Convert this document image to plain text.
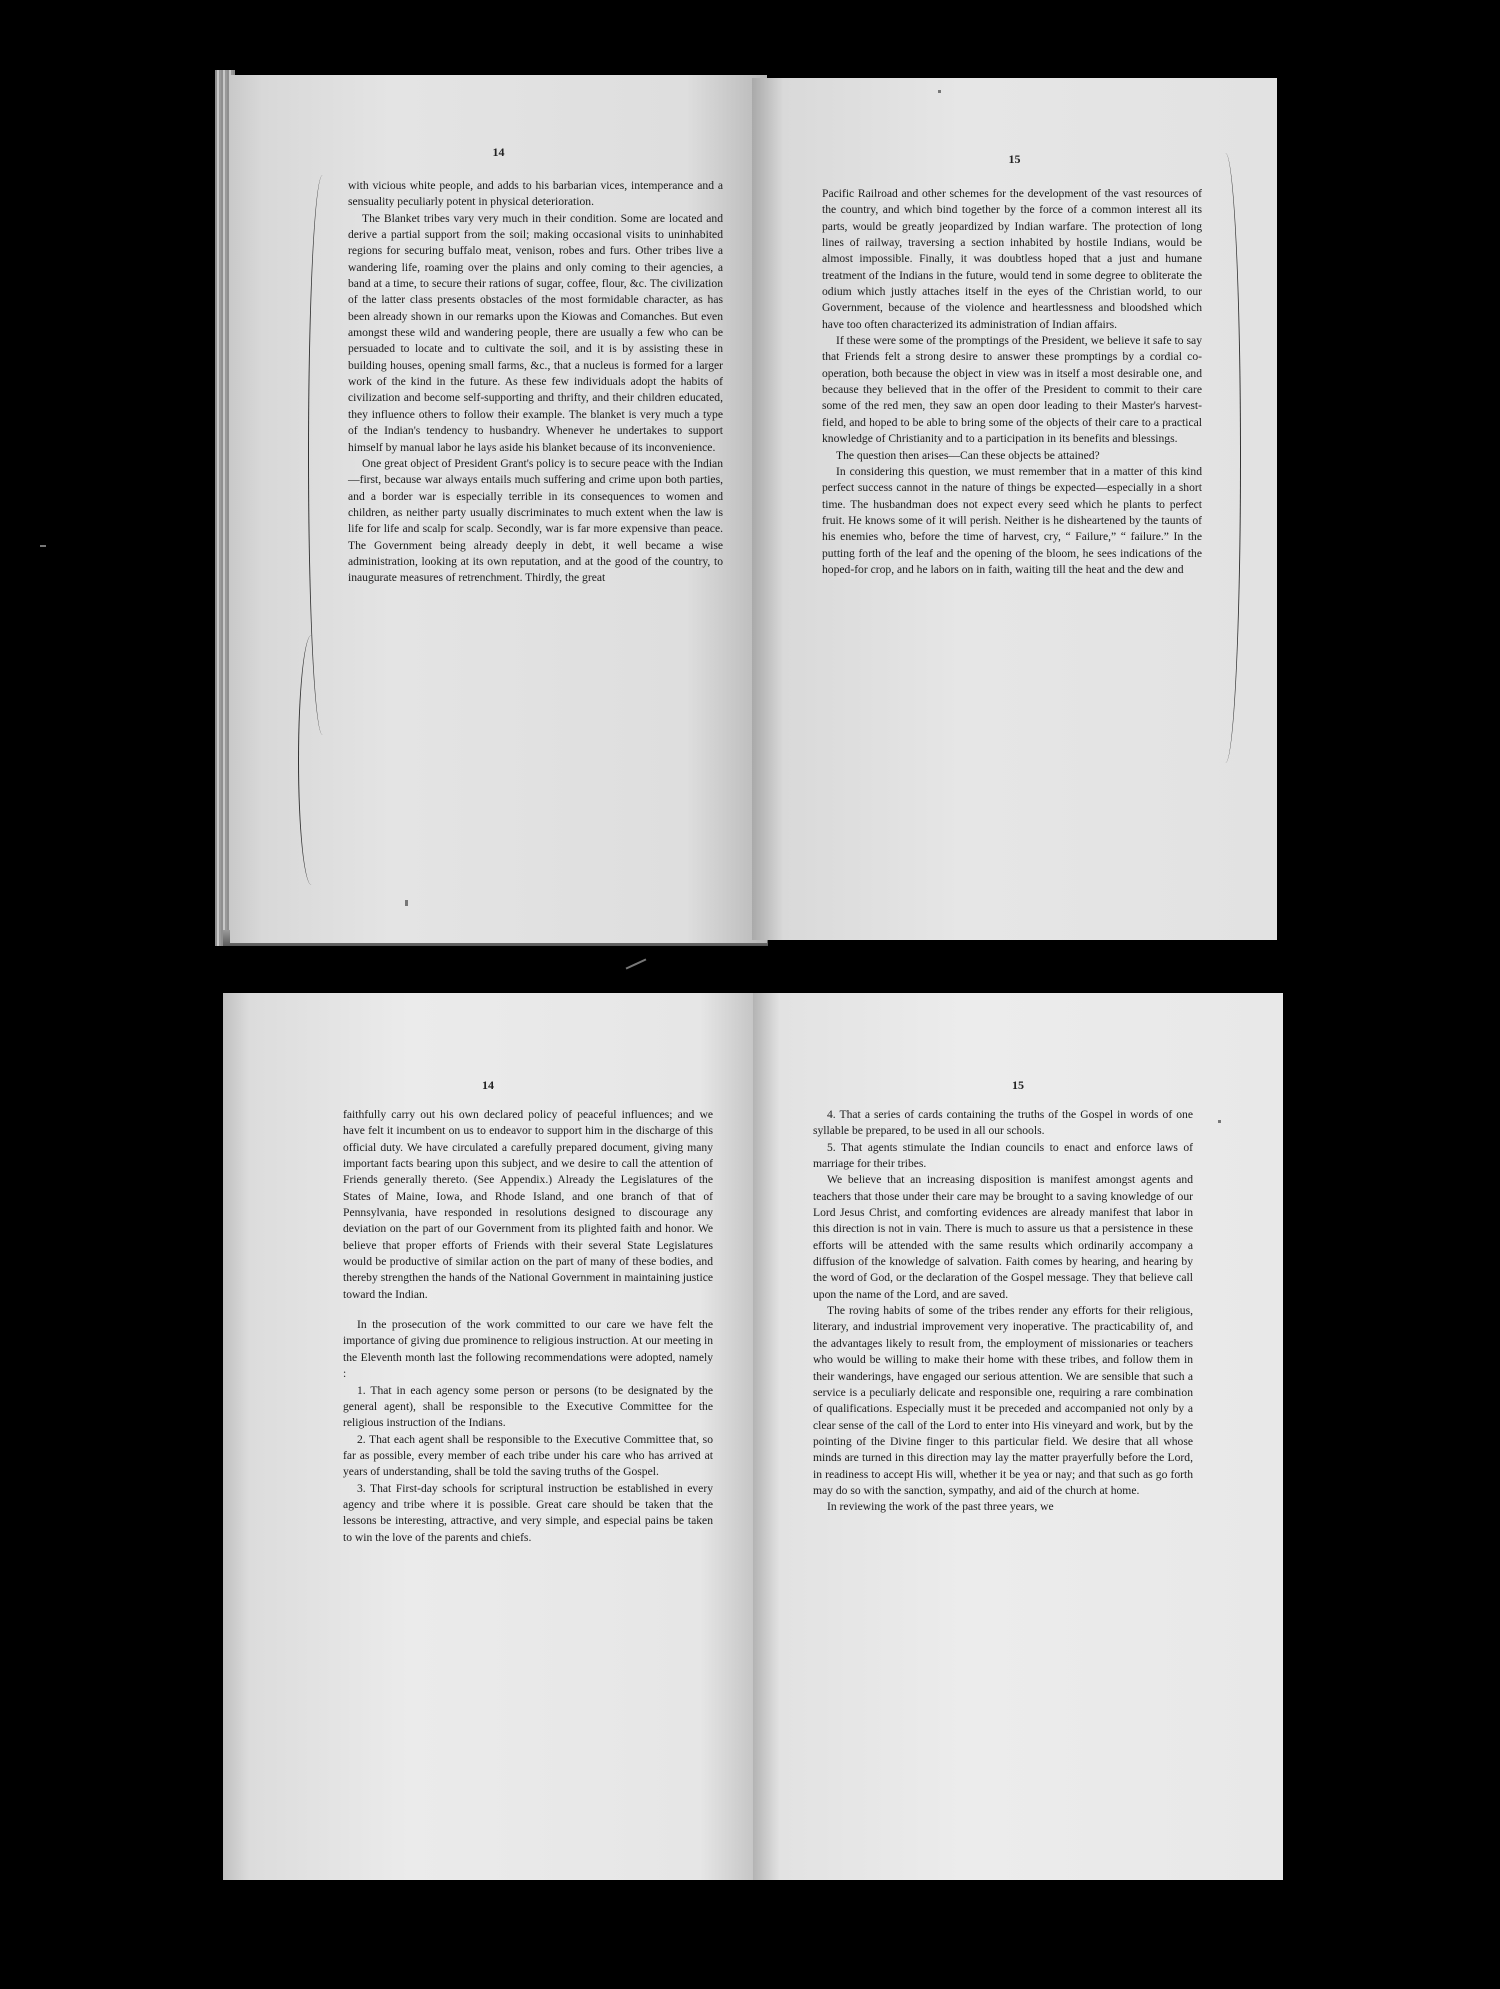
14

with vicious white people, and adds to his barbarian vices, intemperance and a sensuality peculiarly potent in physical deterioration.

The Blanket tribes vary very much in their condition. Some are located and derive a partial support from the soil; making occasional visits to uninhabited regions for securing buffalo meat, venison, robes and furs. Other tribes live a wandering life, roaming over the plains and only coming to their agencies, a band at a time, to secure their rations of sugar, coffee, flour, &c. The civilization of the latter class presents obstacles of the most formidable character, as has been already shown in our remarks upon the Kiowas and Comanches. But even amongst these wild and wandering people, there are usually a few who can be persuaded to locate and to cultivate the soil, and it is by assisting these in building houses, opening small farms, &c., that a nucleus is formed for a larger work of the kind in the future. As these few individuals adopt the habits of civilization and become self-supporting and thrifty, and their children educated, they influence others to follow their example. The blanket is very much a type of the Indian's tendency to husbandry. Whenever he undertakes to support himself by manual labor he lays aside his blanket because of its inconvenience.

One great object of President Grant's policy is to secure peace with the Indian—first, because war always entails much suffering and crime upon both parties, and a border war is especially terrible in its consequences to women and children, as neither party usually discriminates to much extent when the law is life for life and scalp for scalp. Secondly, war is far more expensive than peace. The Government being already deeply in debt, it well became a wise administration, looking at its own reputation, and at the good of the country, to inaugurate measures of retrenchment. Thirdly, the great

15

Pacific Railroad and other schemes for the development of the vast resources of the country, and which bind together by the force of a common interest all its parts, would be greatly jeopardized by Indian warfare. The protection of long lines of railway, traversing a section inhabited by hostile Indians, would be almost impossible. Finally, it was doubtless hoped that a just and humane treatment of the Indians in the future, would tend in some degree to obliterate the odium which justly attaches itself in the eyes of the Christian world, to our Government, because of the violence and heartlessness and bloodshed which have too often characterized its administration of Indian affairs.

If these were some of the promptings of the President, we believe it safe to say that Friends felt a strong desire to answer these promptings by a cordial co-operation, both because the object in view was in itself a most desirable one, and because they believed that in the offer of the President to commit to their care some of the red men, they saw an open door leading to their Master's harvest-field, and hoped to be able to bring some of the objects of their care to a practical knowledge of Christianity and to a participation in its benefits and blessings.

The question then arises—Can these objects be attained?

In considering this question, we must remember that in a matter of this kind perfect success cannot in the nature of things be expected—especially in a short time. The husbandman does not expect every seed which he plants to perfect fruit. He knows some of it will perish. Neither is he disheartened by the taunts of his enemies who, before the time of harvest, cry, “ Failure,” “ failure.” In the putting forth of the leaf and the opening of the bloom, he sees indications of the hoped-for crop, and he labors on in faith, waiting till the heat and the dew and

14

faithfully carry out his own declared policy of peaceful influences; and we have felt it incumbent on us to endeavor to support him in the discharge of this official duty. We have circulated a carefully prepared document, giving many important facts bearing upon this subject, and we desire to call the attention of Friends generally thereto. (See Appendix.) Already the Legislatures of the States of Maine, Iowa, and Rhode Island, and one branch of that of Pennsylvania, have responded in resolutions designed to discourage any deviation on the part of our Government from its plighted faith and honor. We believe that proper efforts of Friends with their several State Legislatures would be productive of similar action on the part of many of these bodies, and thereby strengthen the hands of the National Government in maintaining justice toward the Indian.

In the prosecution of the work committed to our care we have felt the importance of giving due prominence to religious instruction. At our meeting in the Eleventh month last the following recommendations were adopted, namely :

1. That in each agency some person or persons (to be designated by the general agent), shall be responsible to the Executive Committee for the religious instruction of the Indians.

2. That each agent shall be responsible to the Executive Committee that, so far as possible, every member of each tribe under his care who has arrived at years of understanding, shall be told the saving truths of the Gospel.

3. That First-day schools for scriptural instruction be established in every agency and tribe where it is possible. Great care should be taken that the lessons be interesting, attractive, and very simple, and especial pains be taken to win the love of the parents and chiefs.

15

4. That a series of cards containing the truths of the Gospel in words of one syllable be prepared, to be used in all our schools.

5. That agents stimulate the Indian councils to enact and enforce laws of marriage for their tribes.

We believe that an increasing disposition is manifest amongst agents and teachers that those under their care may be brought to a saving knowledge of our Lord Jesus Christ, and comforting evidences are already manifest that labor in this direction is not in vain. There is much to assure us that a persistence in these efforts will be attended with the same results which ordinarily accompany a diffusion of the knowledge of salvation. Faith comes by hearing, and hearing by the word of God, or the declaration of the Gospel message. They that believe call upon the name of the Lord, and are saved.

The roving habits of some of the tribes render any efforts for their religious, literary, and industrial improvement very inoperative. The practicability of, and the advantages likely to result from, the employment of missionaries or teachers who would be willing to make their home with these tribes, and follow them in their wanderings, have engaged our serious attention. We are sensible that such a service is a peculiarly delicate and responsible one, requiring a rare combination of qualifications. Especially must it be preceded and accompanied not only by a clear sense of the call of the Lord to enter into His vineyard and work, but by the pointing of the Divine finger to this particular field. We desire that all whose minds are turned in this direction may lay the matter prayerfully before the Lord, in readiness to accept His will, whether it be yea or nay; and that such as go forth may do so with the sanction, sympathy, and aid of the church at home.

In reviewing the work of the past three years, we
